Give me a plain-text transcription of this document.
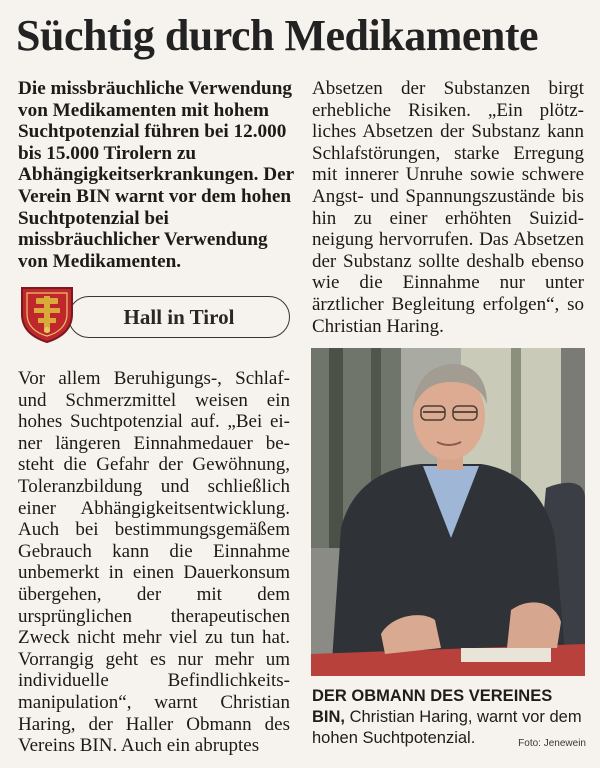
Süchtig durch Medikamente

Die missbräuchliche Verwendung von Medikamenten mit hohem Suchtpotenzial führen bei 12.000 bis 15.000 Tirolern zu Abhängigkeitserkrankungen. Der Verein BIN warnt vor dem hohen Suchtpotenzial bei missbräuchlicher Verwendung von Medikamenten.

Hall in Tirol

Vor allem Beruhigungs-, Schlaf- und Schmerzmittel weisen ein hohes Suchtpotenzial auf. „Bei einer längeren Einnahmedauer besteht die Gefahr der Gewöhnung, Toleranzbildung und schließlich einer Abhängigkeitsentwicklung. Auch bei bestimmungsgemäßem Gebrauch kann die Einnahme unbemerkt in einen Dauerkonsum übergehen, der mit dem ursprünglichen therapeutischen Zweck nicht mehr viel zu tun hat. Vorrangig geht es nur mehr um individuelle Befindlichkeitsmanipulation“, warnt Christian Haring, der Haller Obmann des Vereins BIN. Auch ein abruptes

Absetzen der Substanzen birgt erhebliche Risiken. „Ein plötzliches Absetzen der Substanz kann Schlafstörungen, starke Erregung mit innerer Unruhe sowie schwere Angst- und Spannungszustände bis hin zu einer erhöhten Suizidneigung hervorrufen. Das Absetzen der Substanz sollte deshalb ebenso wie die Einnahme nur unter ärztlicher Begleitung erfolgen“, so Christian Haring.

DER OBMANN DES VEREINES BIN, Christian Haring, warnt vor dem hohen Suchtpotenzial.	Foto: Jenewein
